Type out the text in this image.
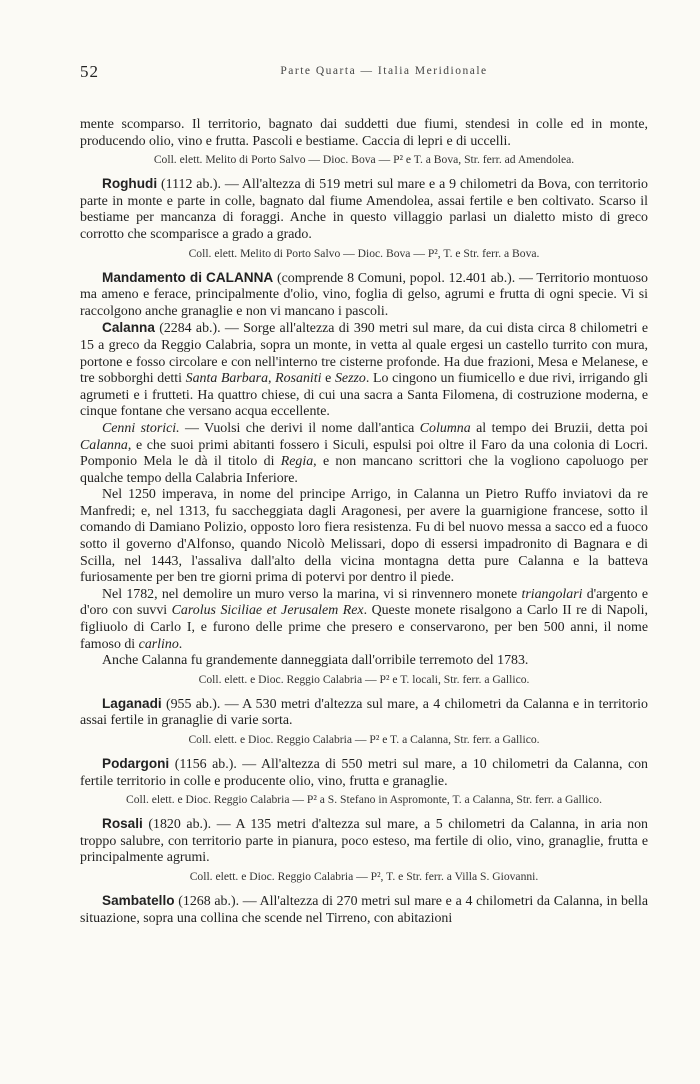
52	Parte Quarta — Italia Meridionale

mente scomparso. Il territorio, bagnato dai suddetti due fiumi, stendesi in colle ed in monte, producendo olio, vino e frutta. Pascoli e bestiame. Caccia di lepri e di uccelli.

Coll. elett. Melito di Porto Salvo — Dioc. Bova — P² e T. a Bova, Str. ferr. ad Amendolea.

Roghudi (1112 ab.). — All'altezza di 519 metri sul mare e a 9 chilometri da Bova, con territorio parte in monte e parte in colle, bagnato dal fiume Amendolea, assai fertile e ben coltivato. Scarso il bestiame per mancanza di foraggi. Anche in questo villaggio parlasi un dialetto misto di greco corrotto che scomparisce a grado a grado.

Coll. elett. Melito di Porto Salvo — Dioc. Bova — P², T. e Str. ferr. a Bova.

Mandamento di CALANNA (comprende 8 Comuni, popol. 12.401 ab.). — Territorio montuoso ma ameno e ferace, principalmente d'olio, vino, foglia di gelso, agrumi e frutta di ogni specie. Vi si raccolgono anche granaglie e non vi mancano i pascoli.

Calanna (2284 ab.). — Sorge all'altezza di 390 metri sul mare, da cui dista circa 8 chilometri e 15 a greco da Reggio Calabria, sopra un monte, in vetta al quale ergesi un castello turrito con mura, portone e fosso circolare e con nell'interno tre cisterne profonde. Ha due frazioni, Mesa e Melanese, e tre sobborghi detti Santa Barbara, Rosaniti e Sezzo. Lo cingono un fiumicello e due rivi, irrigando gli agrumeti e i frutteti. Ha quattro chiese, di cui una sacra a Santa Filomena, di costruzione moderna, e cinque fontane che versano acqua eccellente.

Cenni storici. — Vuolsi che derivi il nome dall'antica Columna al tempo dei Bruzii, detta poi Calanna, e che suoi primi abitanti fossero i Siculi, espulsi poi oltre il Faro da una colonia di Locri. Pomponio Mela le dà il titolo di Regia, e non mancano scrittori che la vogliono capoluogo per qualche tempo della Calabria Inferiore.

Nel 1250 imperava, in nome del principe Arrigo, in Calanna un Pietro Ruffo inviatovi da re Manfredi; e, nel 1313, fu saccheggiata dagli Aragonesi, per avere la guarnigione francese, sotto il comando di Damiano Polizio, opposto loro fiera resistenza. Fu di bel nuovo messa a sacco ed a fuoco sotto il governo d'Alfonso, quando Nicolò Melissari, dopo di essersi impadronito di Bagnara e di Scilla, nel 1443, l'assaliva dall'alto della vicina montagna detta pure Calanna e la batteva furiosamente per ben tre giorni prima di potervi por dentro il piede.

Nel 1782, nel demolire un muro verso la marina, vi si rinvennero monete triangolari d'argento e d'oro con suvvi Carolus Siciliae et Jerusalem Rex. Queste monete risalgono a Carlo II re di Napoli, figliuolo di Carlo I, e furono delle prime che presero e conservarono, per ben 500 anni, il nome famoso di carlino.

Anche Calanna fu grandemente danneggiata dall'orribile terremoto del 1783.

Coll. elett. e Dioc. Reggio Calabria — P² e T. locali, Str. ferr. a Gallico.

Laganadi (955 ab.). — A 530 metri d'altezza sul mare, a 4 chilometri da Calanna e in territorio assai fertile in granaglie di varie sorta.

Coll. elett. e Dioc. Reggio Calabria — P² e T. a Calanna, Str. ferr. a Gallico.

Podargoni (1156 ab.). — All'altezza di 550 metri sul mare, a 10 chilometri da Calanna, con fertile territorio in colle e producente olio, vino, frutta e granaglie.

Coll. elett. e Dioc. Reggio Calabria — P² a S. Stefano in Aspromonte, T. a Calanna, Str. ferr. a Gallico.

Rosali (1820 ab.). — A 135 metri d'altezza sul mare, a 5 chilometri da Calanna, in aria non troppo salubre, con territorio parte in pianura, poco esteso, ma fertile di olio, vino, granaglie, frutta e principalmente agrumi.

Coll. elett. e Dioc. Reggio Calabria — P², T. e Str. ferr. a Villa S. Giovanni.

Sambatello (1268 ab.). — All'altezza di 270 metri sul mare e a 4 chilometri da Calanna, in bella situazione, sopra una collina che scende nel Tirreno, con abitazioni
